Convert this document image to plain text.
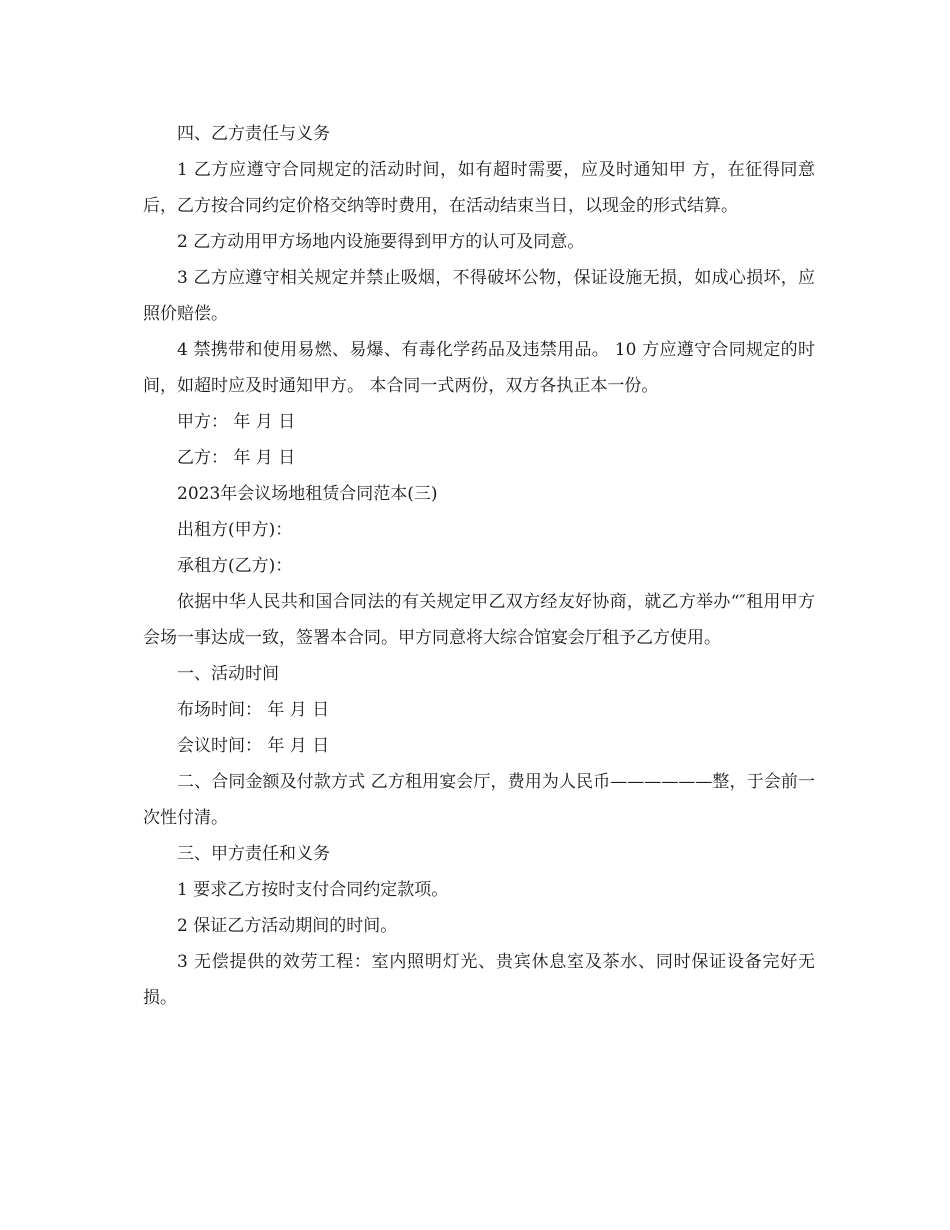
四、乙方责任与义务

1 乙方应遵守合同规定的活动时间，如有超时需要，应及时通知甲 方，在征得同意后，乙方按合同约定价格交纳等时费用，在活动结束当日，以现金的形式结算。

2 乙方动用甲方场地内设施要得到甲方的认可及同意。

3 乙方应遵守相关规定并禁止吸烟，不得破坏公物，保证设施无损，如成心损坏，应照价赔偿。

4 禁携带和使用易燃、易爆、有毒化学药品及违禁用品。 10 方应遵守合同规定的时间，如超时应及时通知甲方。 本合同一式两份，双方各执正本一份。

甲方： 年 月 日

乙方： 年 月 日

2023年会议场地租赁合同范本(三)

出租方(甲方)：

承租方(乙方)：

依据中华人民共和国合同法的有关规定甲乙双方经友好协商，就乙方举办“″租用甲方会场一事达成一致，签署本合同。甲方同意将大综合馆宴会厅租予乙方使用。

一、活动时间

布场时间： 年 月 日

会议时间： 年 月 日

二、合同金额及付款方式 乙方租用宴会厅，费用为人民币——————整，于会前一次性付清。

三、甲方责任和义务

1 要求乙方按时支付合同约定款项。

2 保证乙方活动期间的时间。

3 无偿提供的效劳工程：室内照明灯光、贵宾休息室及茶水、同时保证设备完好无损。
